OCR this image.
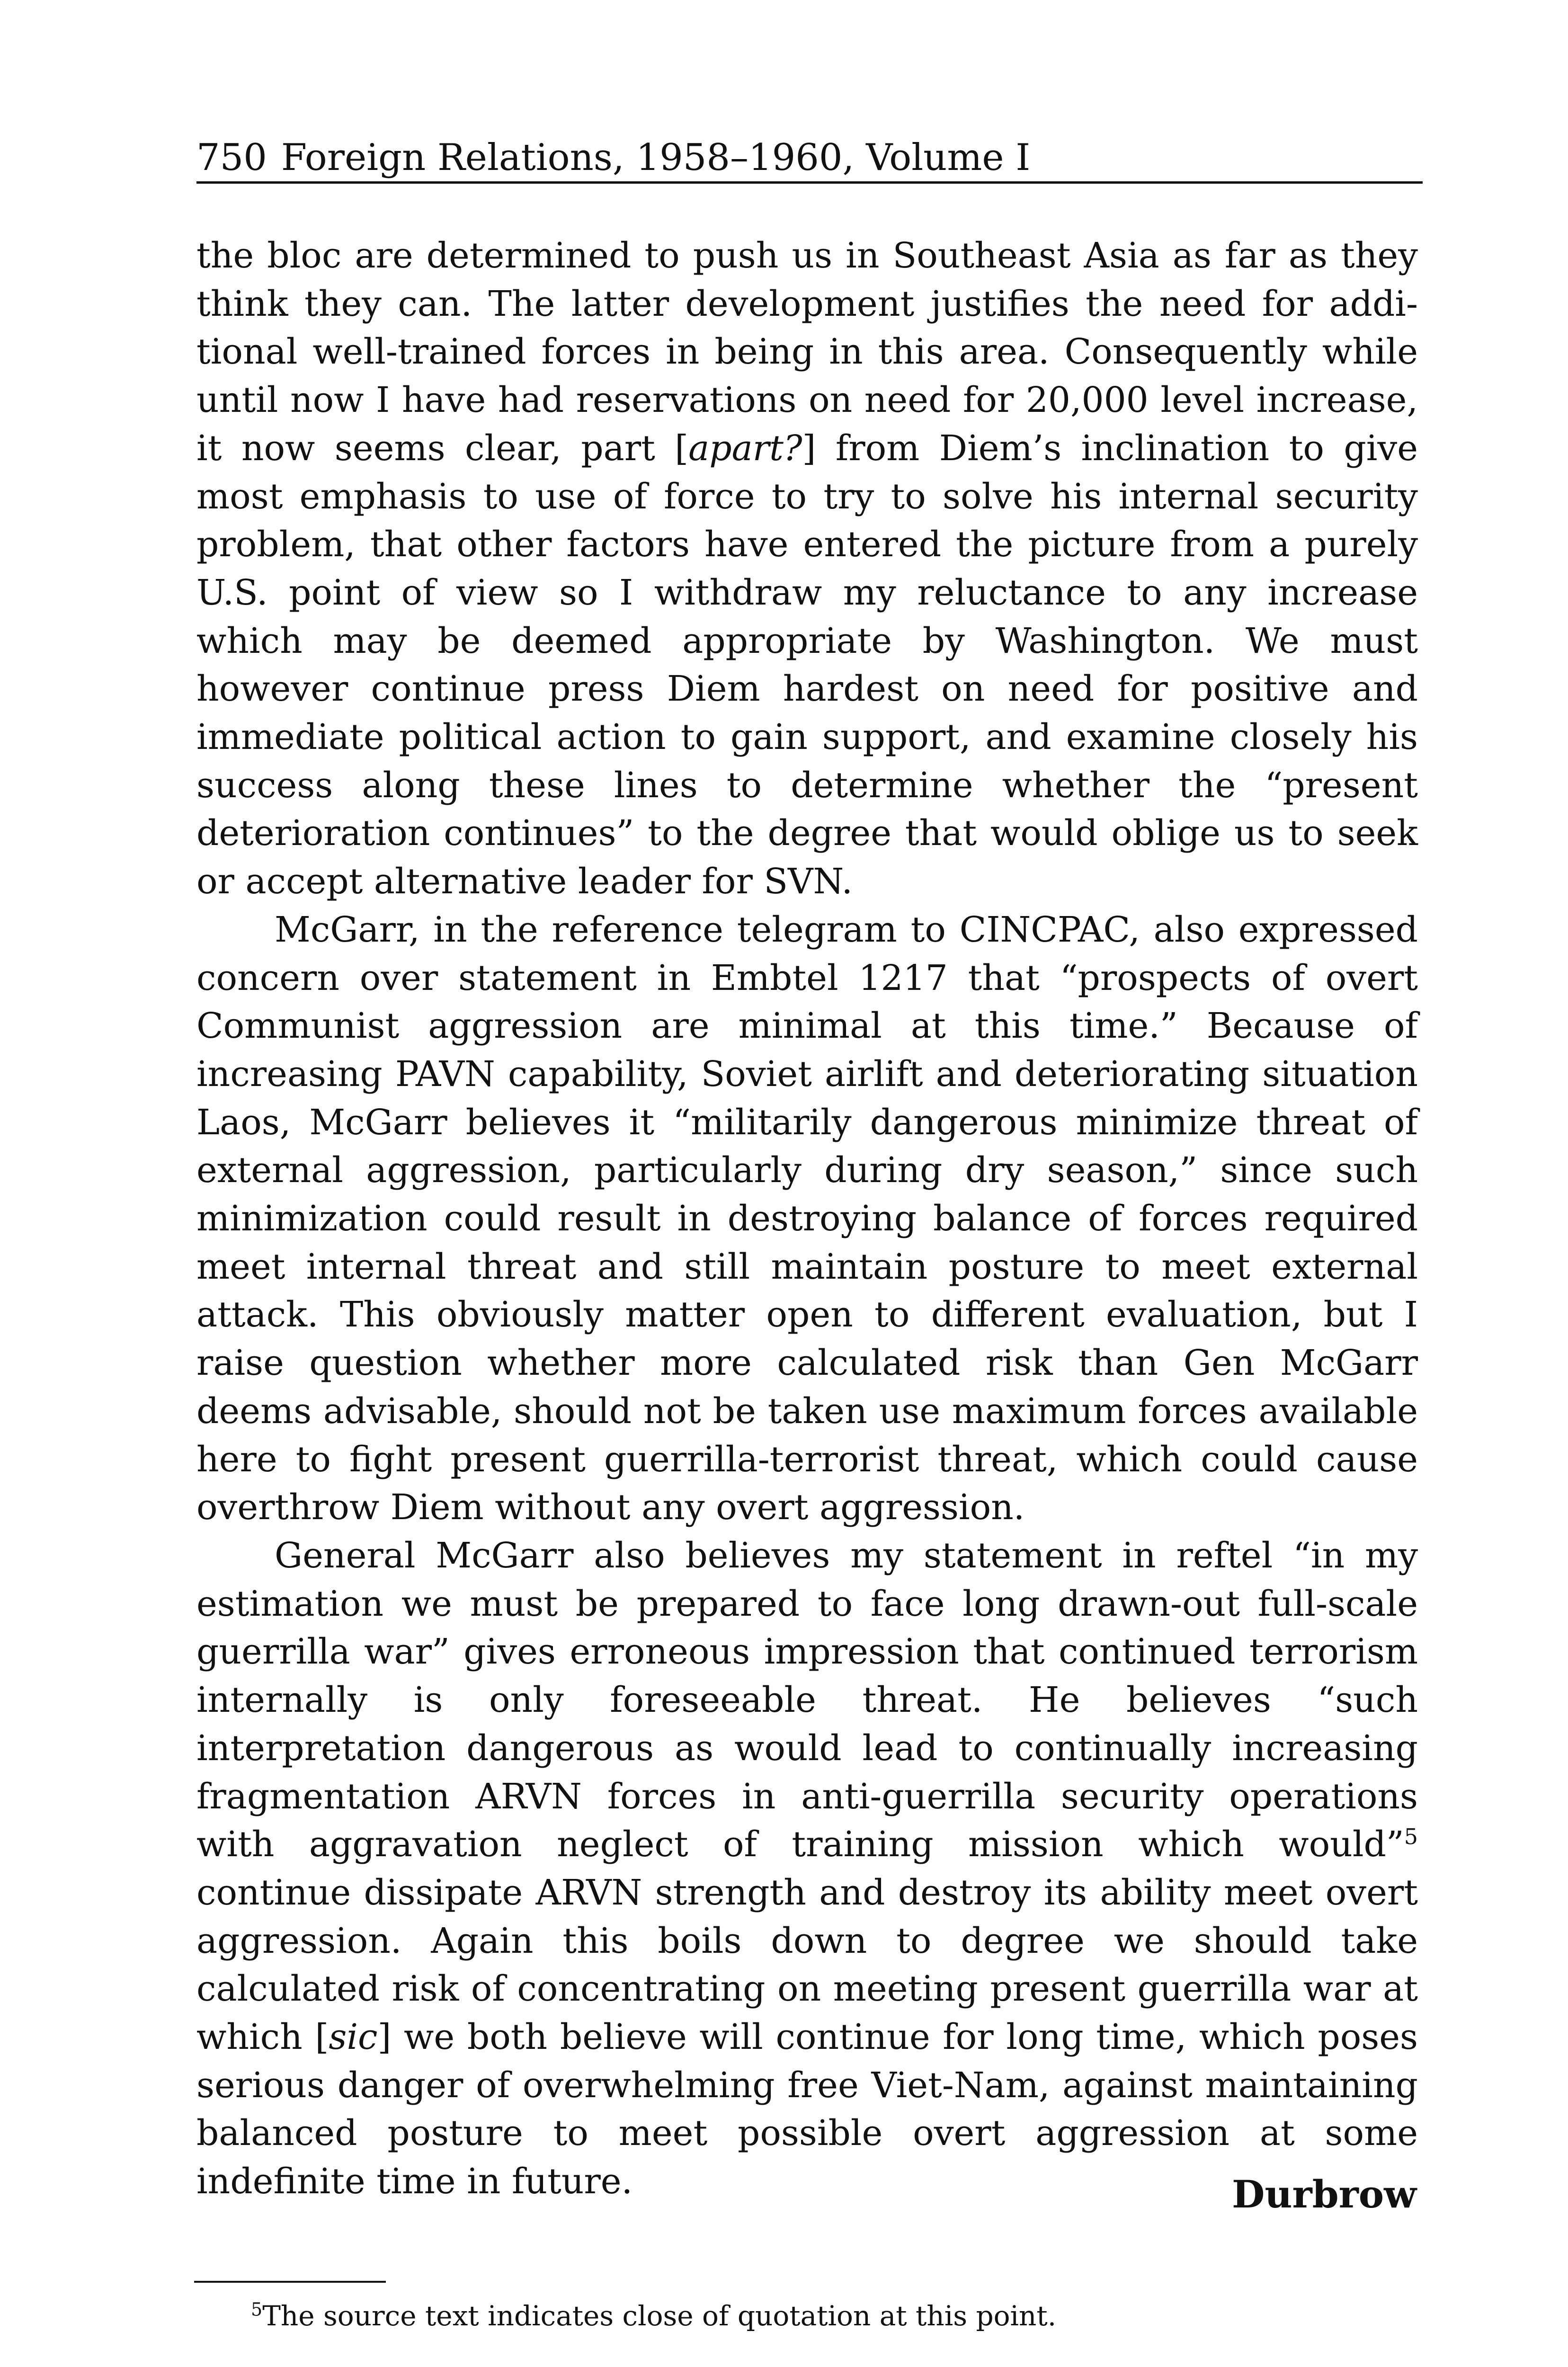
750 Foreign Relations, 1958–1960, Volume I

the bloc are determined to push us in Southeast Asia as far as they think they can. The latter development justifies the need for additional well-trained forces in being in this area. Consequently while until now I have had reservations on need for 20,000 level increase, it now seems clear, part [apart?] from Diem’s inclination to give most emphasis to use of force to try to solve his internal security problem, that other factors have entered the picture from a purely U.S. point of view so I withdraw my reluctance to any increase which may be deemed appropriate by Washington. We must however continue press Diem hardest on need for positive and immediate political action to gain support, and examine closely his success along these lines to determine whether the “present deterioration continues” to the degree that would oblige us to seek or accept alternative leader for SVN.

McGarr, in the reference telegram to CINCPAC, also expressed concern over statement in Embtel 1217 that “prospects of overt Communist aggression are minimal at this time.” Because of increasing PAVN capability, Soviet airlift and deteriorating situation Laos, McGarr believes it “militarily dangerous minimize threat of external aggression, particularly during dry season,” since such minimization could result in destroying balance of forces required meet internal threat and still maintain posture to meet external attack. This obviously matter open to different evaluation, but I raise question whether more calculated risk than Gen McGarr deems advisable, should not be taken use maximum forces available here to fight present guerrilla-terrorist threat, which could cause overthrow Diem without any overt aggression.

General McGarr also believes my statement in reftel “in my estimation we must be prepared to face long drawn-out full-scale guerrilla war” gives erroneous impression that continued terrorism internally is only foreseeable threat. He believes “such interpretation dangerous as would lead to continually increasing fragmentation ARVN forces in anti-guerrilla security operations with aggravation neglect of training mission which would”$^5$ continue dissipate ARVN strength and destroy its ability meet overt aggression. Again this boils down to degree we should take calculated risk of concentrating on meeting present guerrilla war at which [sic] we both believe will continue for long time, which poses serious danger of overwhelming free Viet-Nam, against maintaining balanced posture to meet possible overt aggression at some indefinite time in future.	Durbrow
$^5$The source text indicates close of quotation at this point.
